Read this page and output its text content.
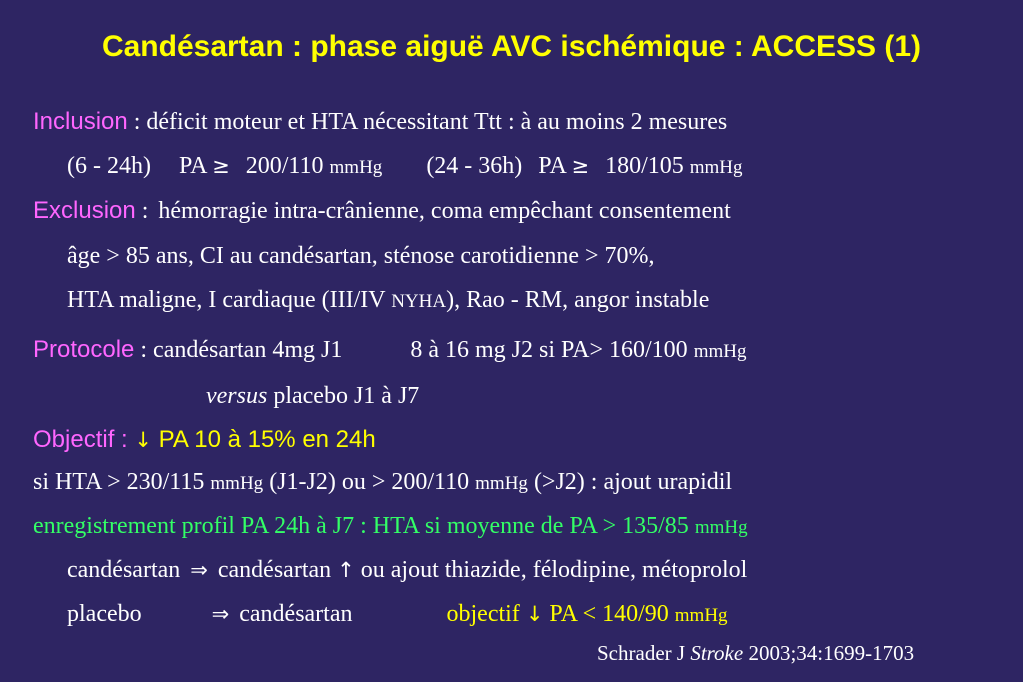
Candésartan : phase aiguë AVC ischémique : ACCESS (1)
Inclusion : déficit moteur et HTA nécessitant Ttt : à au moins 2 mesures
(6 - 24h) PA ≥ 200/110 mmHg (24 - 36h) PA ≥ 180/105 mmHg
Exclusion : hémorragie intra-crânienne, coma empêchant consentement
âge > 85 ans, CI au candésartan, sténose carotidienne > 70%,
HTA maligne, I cardiaque (III/IV NYHA), Rao - RM, angor instable
Protocole : candésartan 4mg J1	8 à 16 mg J2 si PA> 160/100 mmHg
versus placebo J1 à J7
Objectif : ↓ PA 10 à 15% en 24h
si HTA > 230/115 mmHg (J1-J2) ou > 200/110 mmHg (>J2) : ajout urapidil
enregistrement profil PA 24h à J7 : HTA si moyenne de PA > 135/85 mmHg
candésartan ⇒ candésartan ↑ ou ajout thiazide, félodipine, métoprolol
placebo	⇒ candésartan	objectif ↓ PA < 140/90 mmHg
Schrader J Stroke 2003;34:1699-1703
